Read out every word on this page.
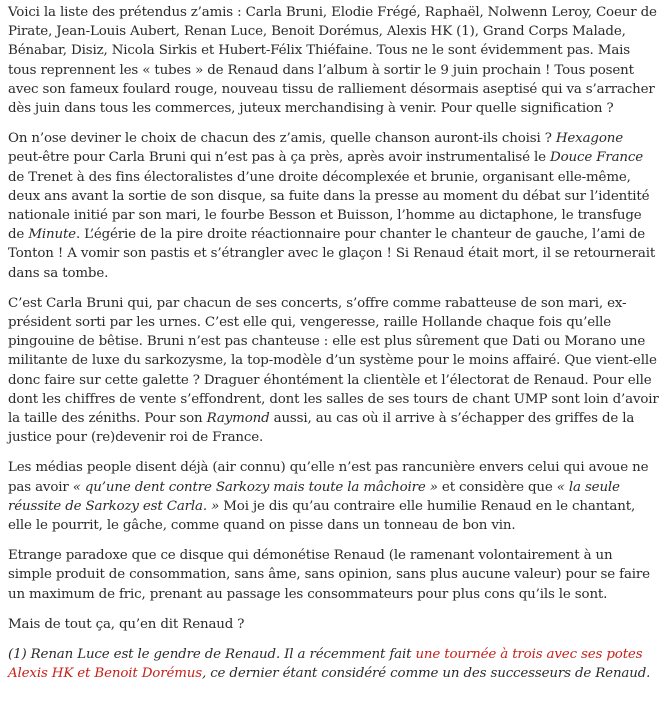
Voici la liste des prétendus z’amis : Carla Bruni, Elodie Frégé, Raphaël, Nolwenn Leroy, Coeur de Pirate, Jean-Louis Aubert, Renan Luce, Benoit Dorémus, Alexis HK (1), Grand Corps Malade, Bénabar, Disiz, Nicola Sirkis et Hubert-Félix Thiéfaine. Tous ne le sont évidemment pas. Mais tous reprennent les « tubes » de Renaud dans l’album à sortir le 9 juin prochain ! Tous posent avec son fameux foulard rouge, nouveau tissu de ralliement désormais aseptisé qui va s’arracher dès juin dans tous les commerces, juteux merchandising à venir. Pour quelle signification ?

On n’ose deviner le choix de chacun des z’amis, quelle chanson auront-ils choisi ? Hexagone peut-être pour Carla Bruni qui n’est pas à ça près, après avoir instrumentalisé le Douce France de Trenet à des fins électoralistes d’une droite décomplexée et brunie, organisant elle-même, deux ans avant la sortie de son disque, sa fuite dans la presse au moment du débat sur l’identité nationale initié par son mari, le fourbe Besson et Buisson, l’homme au dictaphone, le transfuge de Minute. L’égérie de la pire droite réactionnaire pour chanter le chanteur de gauche, l’ami de Tonton ! A vomir son pastis et s’étrangler avec le glaçon ! Si Renaud était mort, il se retournerait dans sa tombe.

C’est Carla Bruni qui, par chacun de ses concerts, s’offre comme rabatteuse de son mari, ex-président sorti par les urnes. C’est elle qui, vengeresse, raille Hollande chaque fois qu’elle pingouine de bêtise. Bruni n’est pas chanteuse : elle est plus sûrement que Dati ou Morano une militante de luxe du sarkozysme, la top-modèle d’un système pour le moins affairé. Que vient-elle donc faire sur cette galette ? Draguer éhontément la clientèle et l’électorat de Renaud. Pour elle dont les chiffres de vente s’effondrent, dont les salles de ses tours de chant UMP sont loin d’avoir la taille des zéniths. Pour son Raymond aussi, au cas où il arrive à s’échapper des griffes de la justice pour (re)devenir roi de France.

Les médias people disent déjà (air connu) qu’elle n’est pas rancunière envers celui qui avoue ne pas avoir « qu’une dent contre Sarkozy mais toute la mâchoire » et considère que « la seule réussite de Sarkozy est Carla. » Moi je dis qu’au contraire elle humilie Renaud en le chantant, elle le pourrit, le gâche, comme quand on pisse dans un tonneau de bon vin.

Etrange paradoxe que ce disque qui démonétise Renaud (le ramenant volontairement à un simple produit de consommation, sans âme, sans opinion, sans plus aucune valeur) pour se faire un maximum de fric, prenant au passage les consommateurs pour plus cons qu’ils le sont.

Mais de tout ça, qu’en dit Renaud ?

(1) Renan Luce est le gendre de Renaud. Il a récemment fait une tournée à trois avec ses potes Alexis HK et Benoit Dorémus, ce dernier étant considéré comme un des successeurs de Renaud.
